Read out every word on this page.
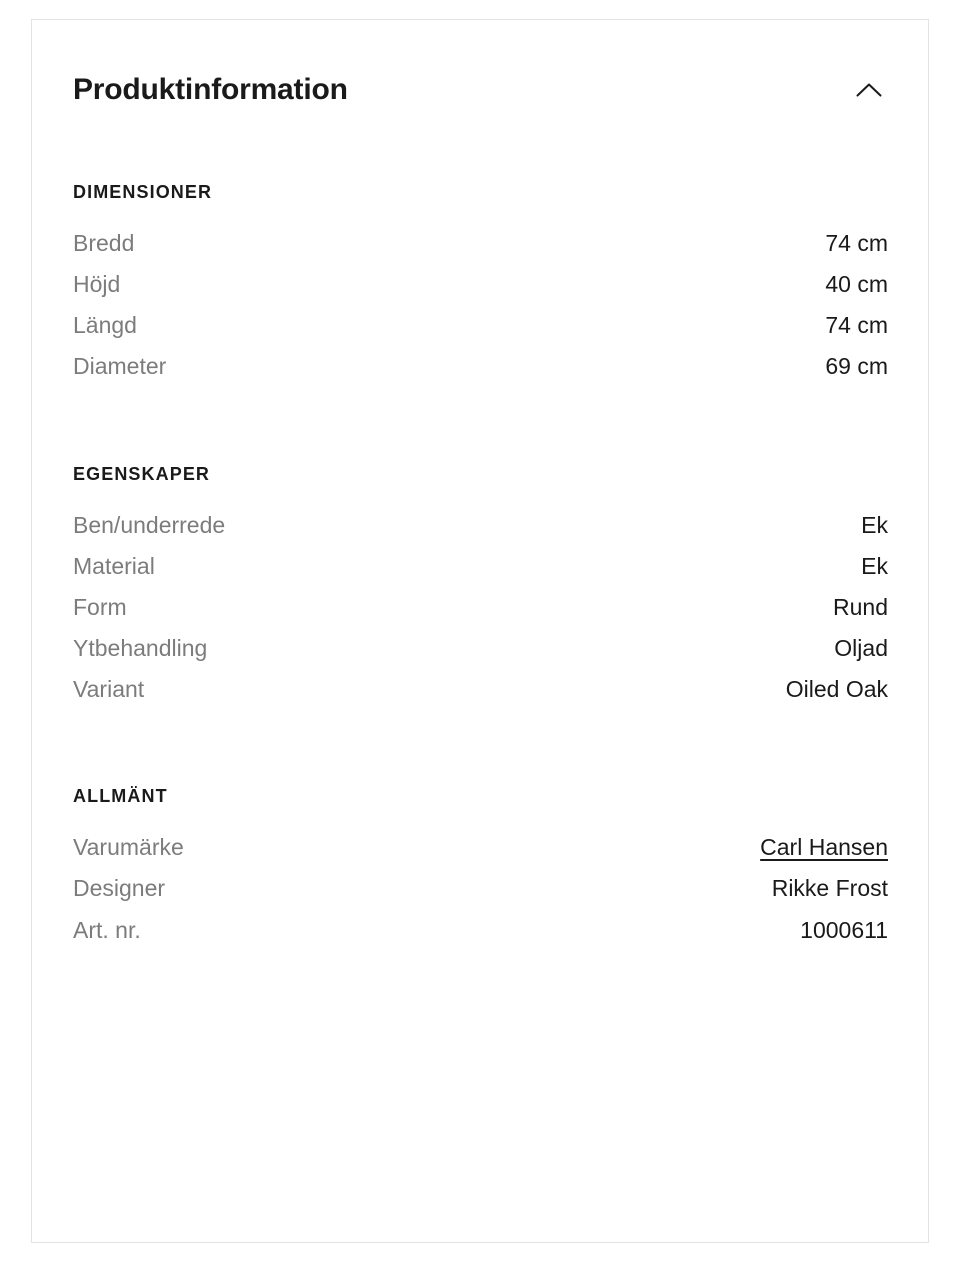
Produktinformation
DIMENSIONER
Bredd	74 cm
Höjd	40 cm
Längd	74 cm
Diameter	69 cm
EGENSKAPER
Ben/underrede	Ek
Material	Ek
Form	Rund
Ytbehandling	Oljad
Variant	Oiled Oak
ALLMÄNT
Varumärke	Carl Hansen
Designer	Rikke Frost
Art. nr.	1000611
